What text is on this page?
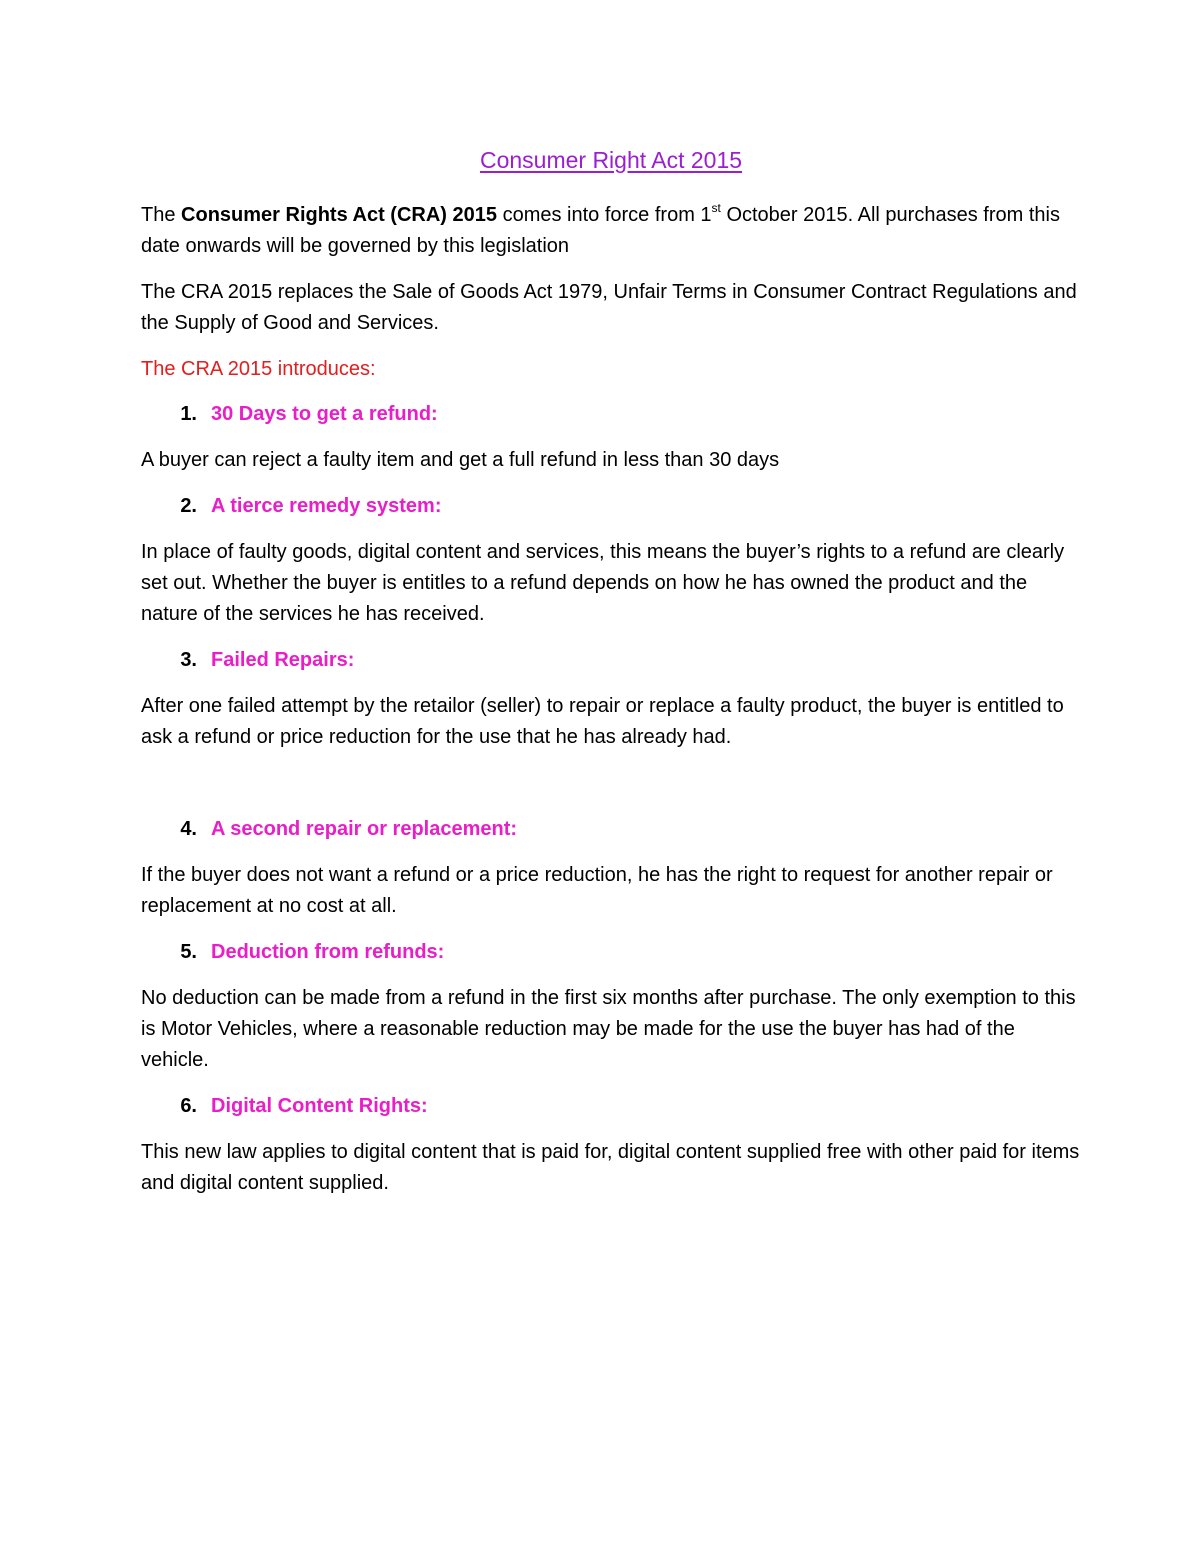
Consumer Right Act 2015

The Consumer Rights Act (CRA) 2015 comes into force from 1st October 2015. All purchases from this date onwards will be governed by this legislation

The CRA 2015 replaces the Sale of Goods Act 1979, Unfair Terms in Consumer Contract Regulations and the Supply of Good and Services.

The CRA 2015 introduces:

1. 30 Days to get a refund:

A buyer can reject a faulty item and get a full refund in less than 30 days

2. A tierce remedy system:

In place of faulty goods, digital content and services, this means the buyer’s rights to a refund are clearly set out. Whether the buyer is entitles to a refund depends on how he has owned the product and the nature of the services he has received.

3. Failed Repairs:

After one failed attempt by the retailor (seller) to repair or replace a faulty product, the buyer is entitled to ask a refund or price reduction for the use that he has already had.

4. A second repair or replacement:

If the buyer does not want a refund or a price reduction, he has the right to request for another repair or replacement at no cost at all.

5. Deduction from refunds:

No deduction can be made from a refund in the first six months after purchase. The only exemption to this is Motor Vehicles, where a reasonable reduction may be made for the use the buyer has had of the vehicle.

6. Digital Content Rights:

This new law applies to digital content that is paid for, digital content supplied free with other paid for items and digital content supplied.
